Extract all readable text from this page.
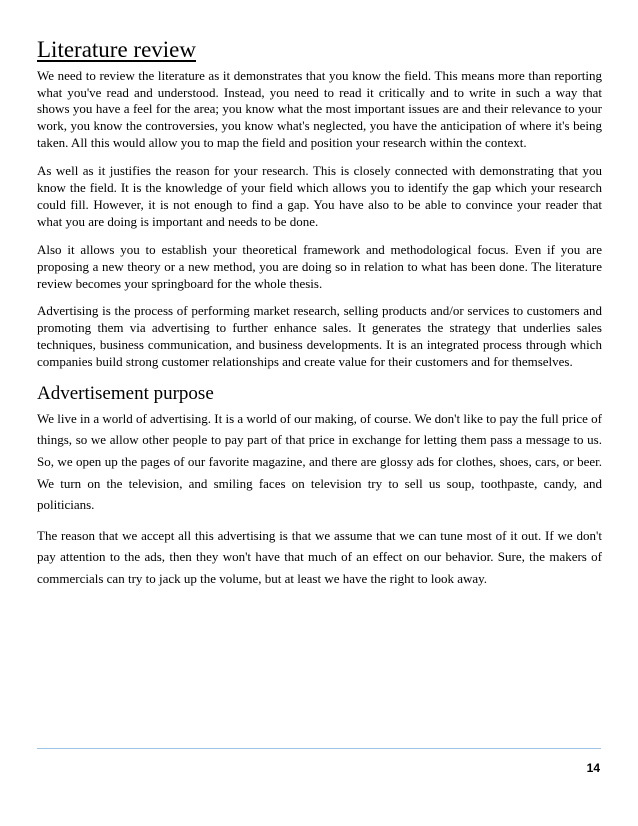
Literature review

We need to review the literature as it demonstrates that you know the field. This means more than reporting what you've read and understood. Instead, you need to read it critically and to write in such a way that shows you have a feel for the area; you know what the most important issues are and their relevance to your work, you know the controversies, you know what's neglected, you have the anticipation of where it's being taken. All this would allow you to map the field and position your research within the context.

As well as it justifies the reason for your research. This is closely connected with demonstrating that you know the field. It is the knowledge of your field which allows you to identify the gap which your research could fill. However, it is not enough to find a gap. You have also to be able to convince your reader that what you are doing is important and needs to be done.

Also it allows you to establish your theoretical framework and methodological focus. Even if you are proposing a new theory or a new method, you are doing so in relation to what has been done. The literature review becomes your springboard for the whole thesis.

Advertising is the process of performing market research, selling products and/or services to customers and promoting them via advertising to further enhance sales. It generates the strategy that underlies sales techniques, business communication, and business developments. It is an integrated process through which companies build strong customer relationships and create value for their customers and for themselves.

Advertisement purpose

We live in a world of advertising. It is a world of our making, of course. We don't like to pay the full price of things, so we allow other people to pay part of that price in exchange for letting them pass a message to us. So, we open up the pages of our favorite magazine, and there are glossy ads for clothes, shoes, cars, or beer. We turn on the television, and smiling faces on television try to sell us soup, toothpaste, candy, and politicians.

The reason that we accept all this advertising is that we assume that we can tune most of it out. If we don't pay attention to the ads, then they won't have that much of an effect on our behavior. Sure, the makers of commercials can try to jack up the volume, but at least we have the right to look away.

14
